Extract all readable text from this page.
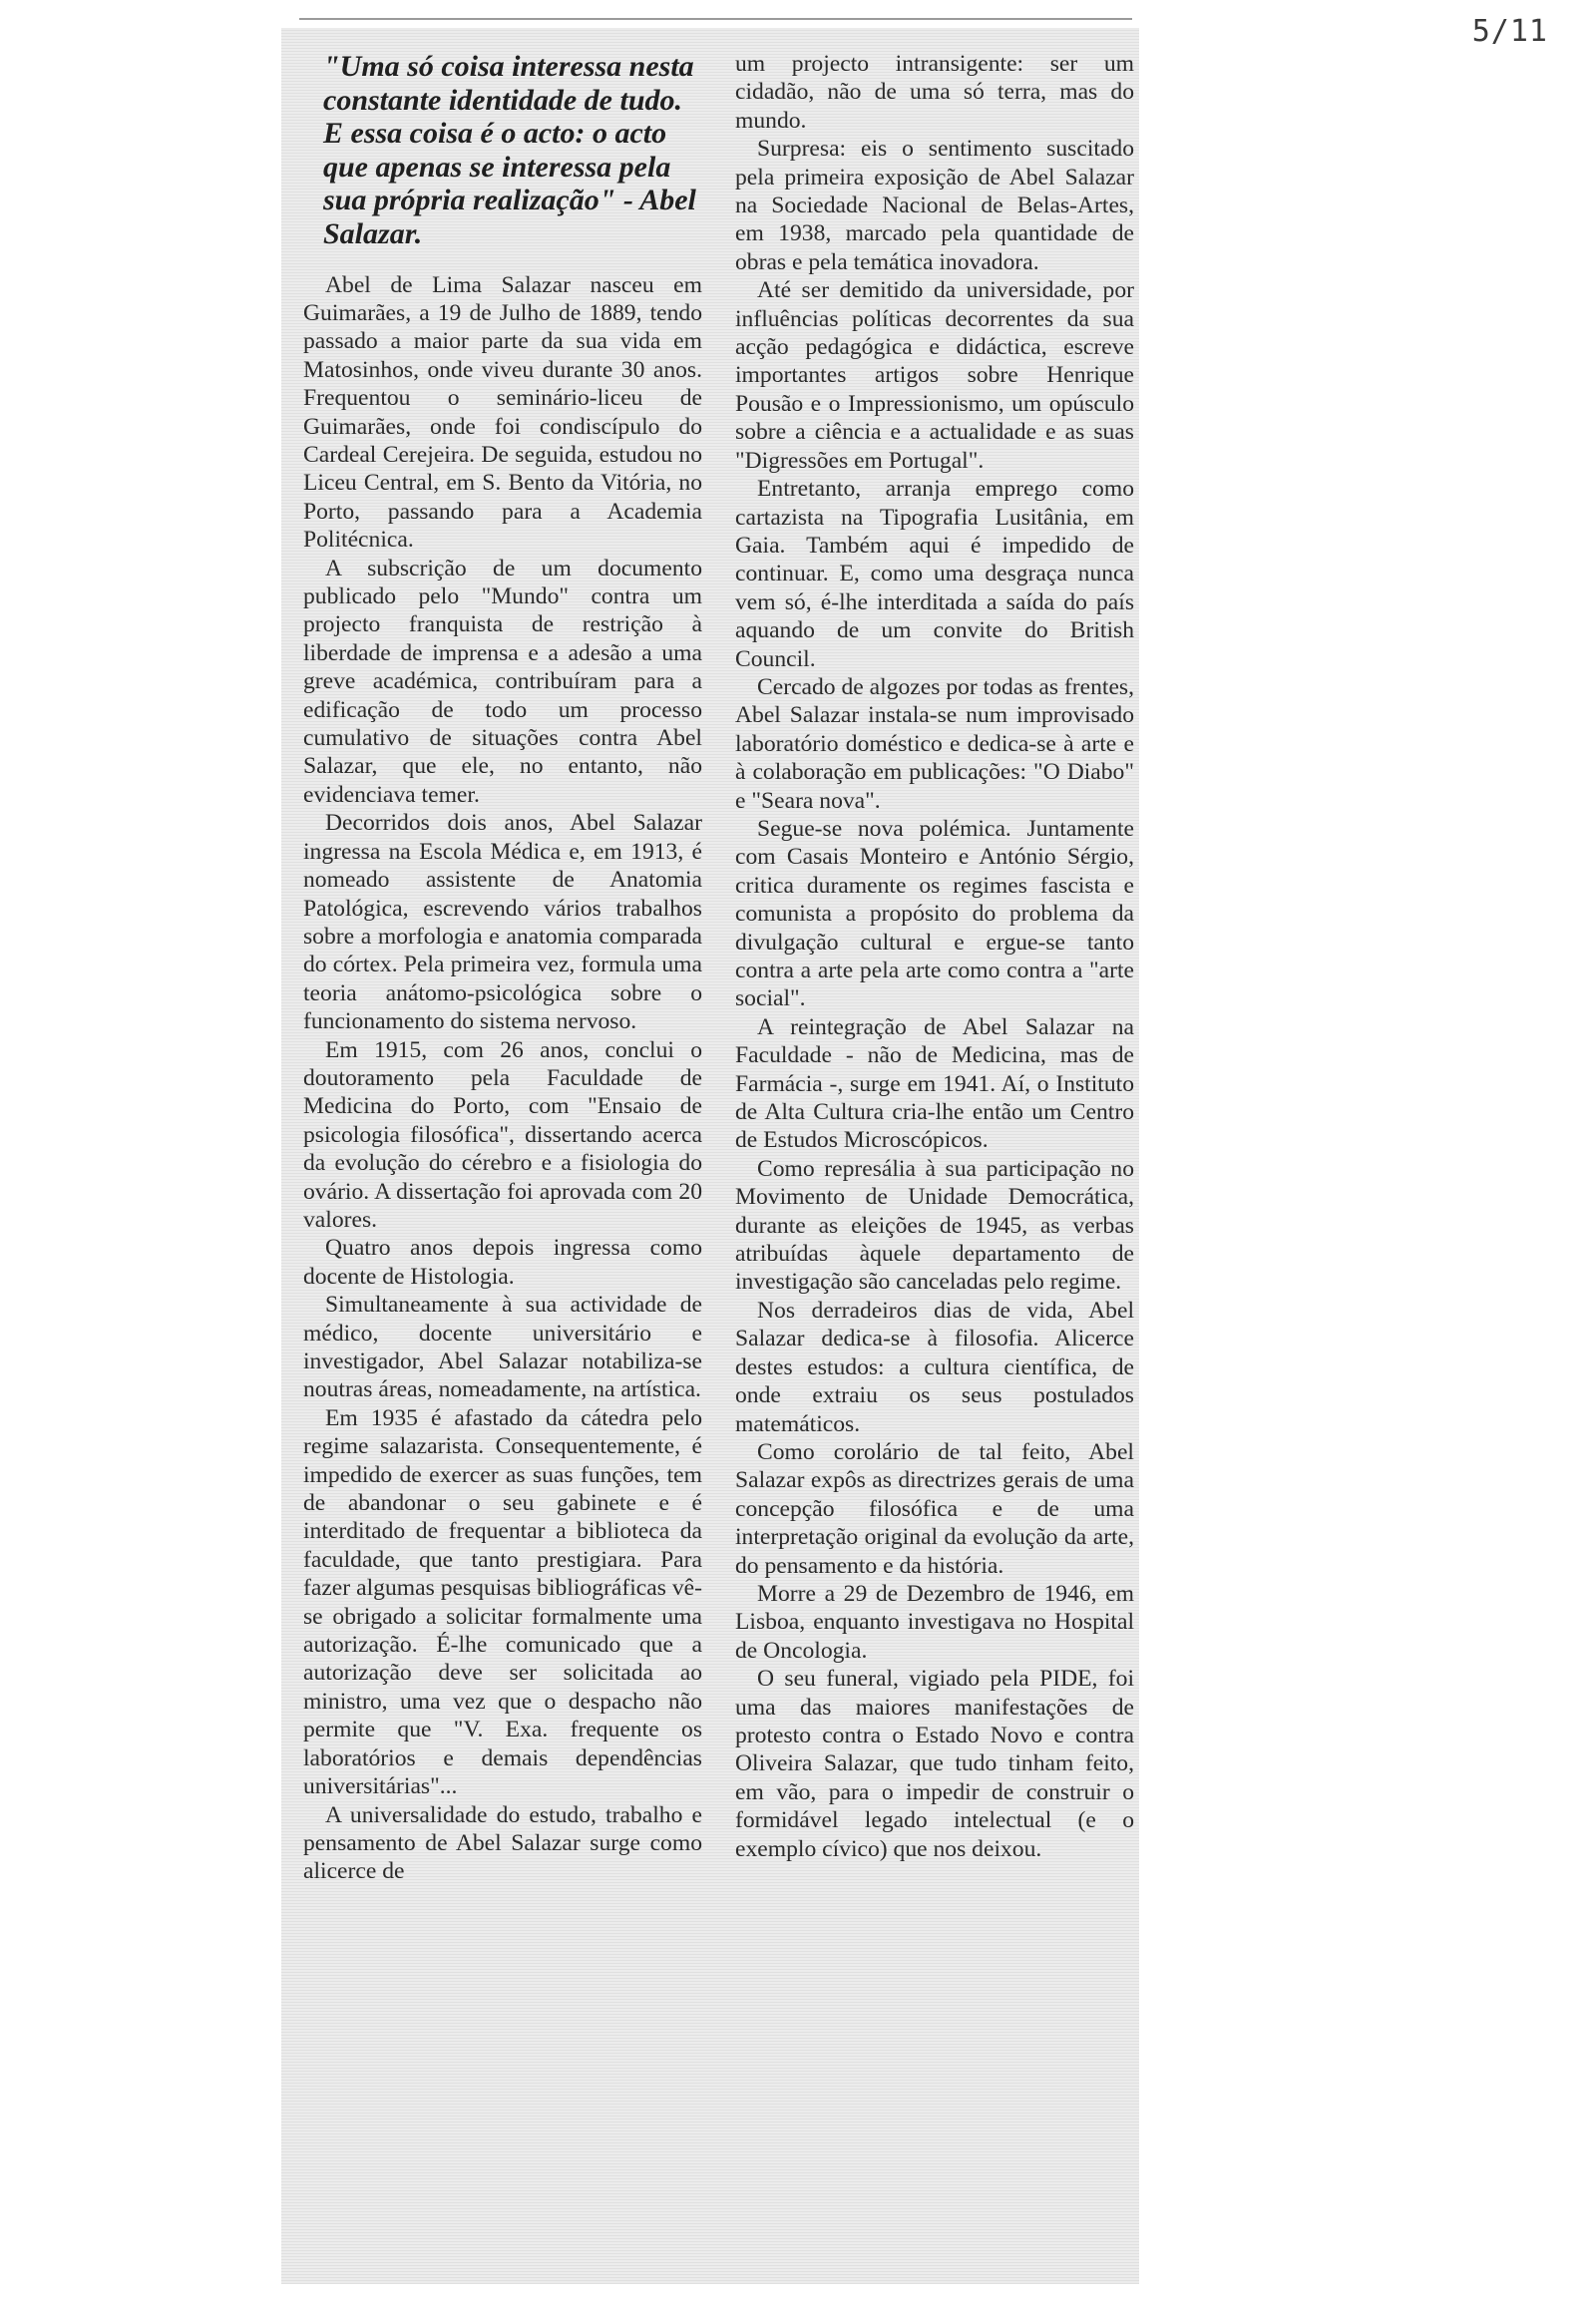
5/11

"Uma só coisa interessa nesta constante identidade de tudo. E essa coisa é o acto: o acto que apenas se interessa pela sua própria realização" - Abel Salazar.

Abel de Lima Salazar nasceu em Guimarães, a 19 de Julho de 1889, tendo passado a maior parte da sua vida em Matosinhos, onde viveu durante 30 anos. Frequentou o seminário-liceu de Guimarães, onde foi condiscípulo do Cardeal Cerejeira. De seguida, estudou no Liceu Central, em S. Bento da Vitória, no Porto, passando para a Academia Politécnica.

A subscrição de um documento publicado pelo "Mundo" contra um projecto franquista de restrição à liberdade de imprensa e a adesão a uma greve académica, contribuíram para a edificação de todo um processo cumulativo de situações contra Abel Salazar, que ele, no entanto, não evidenciava temer.

Decorridos dois anos, Abel Salazar ingressa na Escola Médica e, em 1913, é nomeado assistente de Anatomia Patológica, escrevendo vários trabalhos sobre a morfologia e anatomia comparada do córtex. Pela primeira vez, formula uma teoria anátomo-psicológica sobre o funcionamento do sistema nervoso.

Em 1915, com 26 anos, conclui o doutoramento pela Faculdade de Medicina do Porto, com "Ensaio de psicologia filosófica", dissertando acerca da evolução do cérebro e a fisiologia do ovário. A dissertação foi aprovada com 20 valores.

Quatro anos depois ingressa como docente de Histologia.

Simultaneamente à sua actividade de médico, docente universitário e investigador, Abel Salazar notabiliza-se noutras áreas, nomeadamente, na artística.

Em 1935 é afastado da cátedra pelo regime salazarista. Consequentemente, é impedido de exercer as suas funções, tem de abandonar o seu gabinete e é interditado de frequentar a biblioteca da faculdade, que tanto prestigiara. Para fazer algumas pesquisas bibliográficas vê-se obrigado a solicitar formalmente uma autorização. É-lhe comunicado que a autorização deve ser solicitada ao ministro, uma vez que o despacho não permite que "V. Exa. frequente os laboratórios e demais dependências universitárias"...

A universalidade do estudo, trabalho e pensamento de Abel Salazar surge como alicerce de

um projecto intransigente: ser um cidadão, não de uma só terra, mas do mundo.

Surpresa: eis o sentimento suscitado pela primeira exposição de Abel Salazar na Sociedade Nacional de Belas-Artes, em 1938, marcado pela quantidade de obras e pela temática inovadora.

Até ser demitido da universidade, por influências políticas decorrentes da sua acção pedagógica e didáctica, escreve importantes artigos sobre Henrique Pousão e o Impressionismo, um opúsculo sobre a ciência e a actualidade e as suas "Digressões em Portugal".

Entretanto, arranja emprego como cartazista na Tipografia Lusitânia, em Gaia. Também aqui é impedido de continuar. E, como uma desgraça nunca vem só, é-lhe interditada a saída do país aquando de um convite do British Council.

Cercado de algozes por todas as frentes, Abel Salazar instala-se num improvisado laboratório doméstico e dedica-se à arte e à colaboração em publicações: "O Diabo" e "Seara nova".

Segue-se nova polémica. Juntamente com Casais Monteiro e António Sérgio, critica duramente os regimes fascista e comunista a propósito do problema da divulgação cultural e ergue-se tanto contra a arte pela arte como contra a "arte social".

A reintegração de Abel Salazar na Faculdade - não de Medicina, mas de Farmácia -, surge em 1941. Aí, o Instituto de Alta Cultura cria-lhe então um Centro de Estudos Microscópicos.

Como represália à sua participação no Movimento de Unidade Democrática, durante as eleições de 1945, as verbas atribuídas àquele departamento de investigação são canceladas pelo regime.

Nos derradeiros dias de vida, Abel Salazar dedica-se à filosofia. Alicerce destes estudos: a cultura científica, de onde extraiu os seus postulados matemáticos.

Como corolário de tal feito, Abel Salazar expôs as directrizes gerais de uma concepção filosófica e de uma interpretação original da evolução da arte, do pensamento e da história.

Morre a 29 de Dezembro de 1946, em Lisboa, enquanto investigava no Hospital de Oncologia.

O seu funeral, vigiado pela PIDE, foi uma das maiores manifestações de protesto contra o Estado Novo e contra Oliveira Salazar, que tudo tinham feito, em vão, para o impedir de construir o formidável legado intelectual (e o exemplo cívico) que nos deixou.
